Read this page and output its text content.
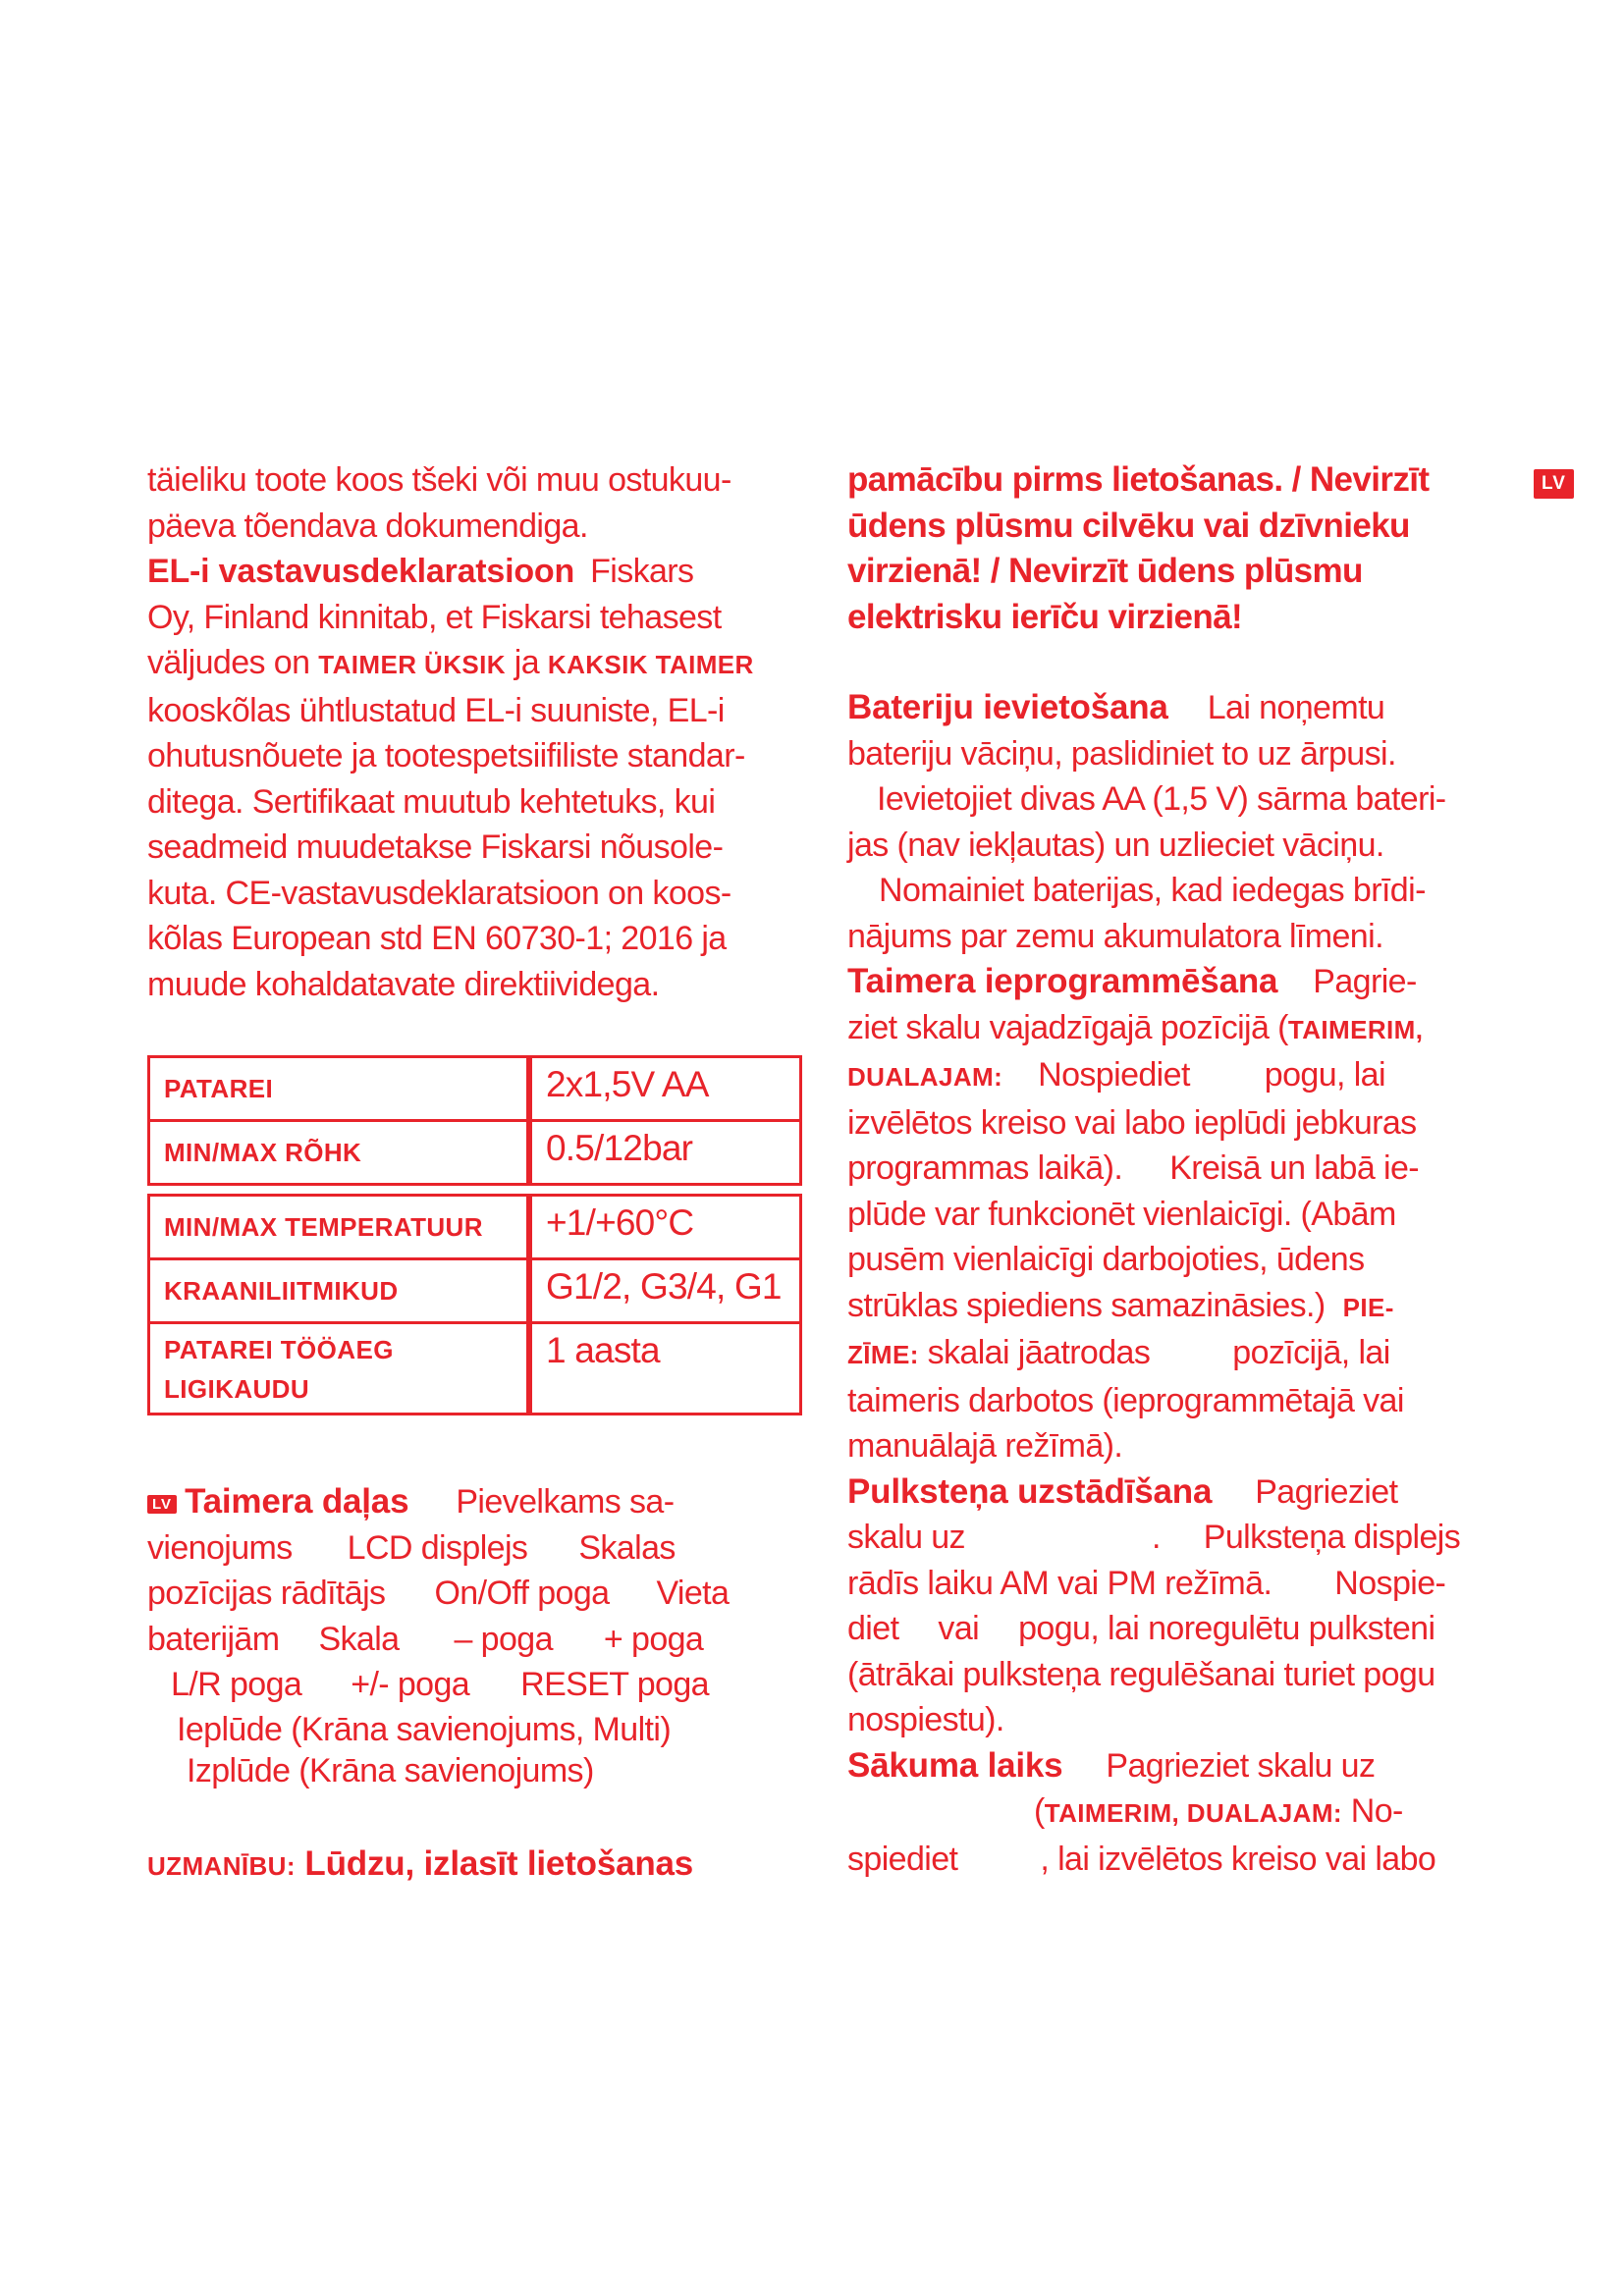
LV

täieliku toote koos tšeki või muu ostukuu-

päeva tõendava dokumendiga.

EL-i vastavusdeklaratsioon Fiskars

Oy, Finland kinnitab, et Fiskarsi tehasest

väljudes on TAIMER ÜKSIK ja KAKSIK TAIMER

kooskõlas ühtlustatud EL-i suuniste, EL-i

ohutusnõuete ja tootespetsiifiliste standar-

ditega. Sertifikaat muutub kehtetuks, kui

seadmeid muudetakse Fiskarsi nõusole-

kuta. CE-vastavusdeklaratsioon on koos-

kõlas European std EN 60730-1; 2016 ja

muude kohaldatavate direktiividega.

LV Taimera daļas Pievelkams sa-

vienojums LCD displejs Skalas

pozīcijas rādītājs On/Off poga Vieta

baterijām Skala – poga + poga

L/R poga +/- poga RESET poga

Ieplūde (Krāna savienojums, Multi)

Izplūde (Krāna savienojums)

UZMANĪBU: Lūdzu, izlasīt lietošanas

PATAREI	2x1,5V AA
MIN/MAX RÕHK	0.5/12bar

MIN/MAX TEMPERATUUR	+1/+60°C
KRAANILIITMIKUD	G1/2, G3/4, G1

PATAREI TÖÖAEG
LIGIKAUDU	1 aasta

pamācību pirms lietošanas. / Nevirzīt

ūdens plūsmu cilvēku vai dzīvnieku

virzienā! / Nevirzīt ūdens plūsmu

elektrisku ierīču virzienā!

Bateriju ievietošana Lai noņemtu

bateriju vāciņu, paslidiniet to uz ārpusi.

Ievietojiet divas AA (1,5 V) sārma bateri-

jas (nav iekļautas) un uzlieciet vāciņu.

Nomainiet baterijas, kad iedegas brīdi-

nājums par zemu akumulatora līmeni.

Taimera ieprogrammēšana Pagrie-

ziet skalu vajadzīgajā pozīcijā (TAIMERIM,

DUALAJAM: Nospiediet pogu, lai

izvēlētos kreiso vai labo ieplūdi jebkuras

programmas laikā). Kreisā un labā ie-

plūde var funkcionēt vienlaicīgi. (Abām

pusēm vienlaicīgi darbojoties, ūdens

strūklas spiediens samazināsies.) PIE-

ZĪME: skalai jāatrodas pozīcijā, lai

taimeris darbotos (ieprogrammētajā vai

manuālajā režīmā).

Pulksteņa uzstādīšana Pagrieziet

skalu uz	. Pulksteņa displejs

rādīs laiku AM vai PM režīmā. Nospie-

diet vai pogu, lai noregulētu pulksteni

(ātrākai pulksteņa regulēšanai turiet pogu

nospiestu).

Sākuma laiks Pagrieziet skalu uz

(TAIMERIM, DUALAJAM: No-

spiediet , lai izvēlētos kreiso vai labo
